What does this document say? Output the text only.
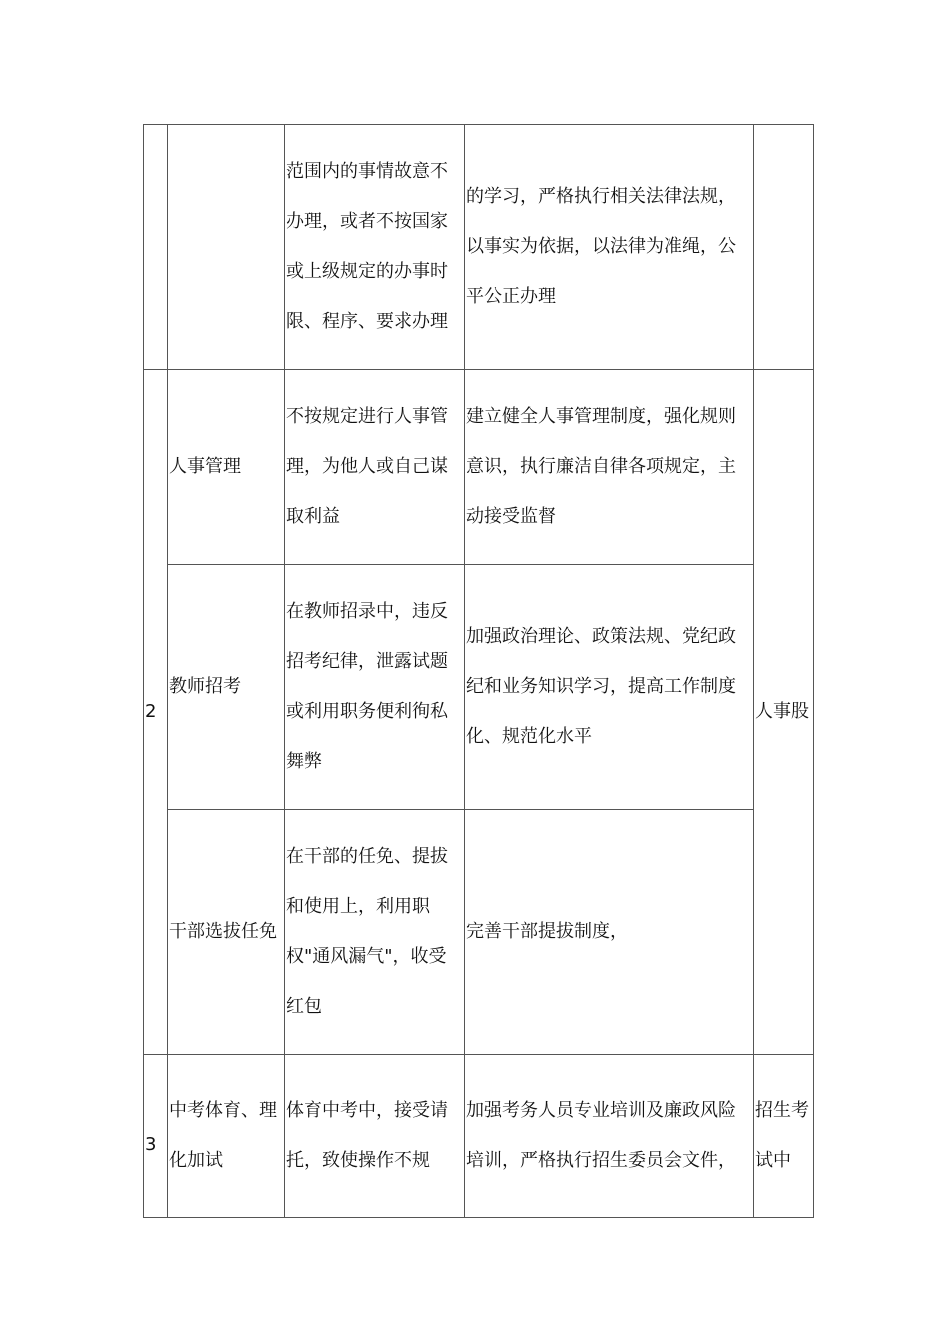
		范围内的事情故意不办理，或者不按国家或上级规定的办事时限、程序、要求办理	的学习，严格执行相关法律法规，以事实为依据，以法律为准绳，公平公正办理	
2	人事管理	不按规定进行人事管理，为他人或自己谋取利益	建立健全人事管理制度，强化规则意识，执行廉洁自律各项规定，主动接受监督	人事股
	教师招考	在教师招录中，违反招考纪律，泄露试题或利用职务便利徇私舞弊	加强政治理论、政策法规、党纪政纪和业务知识学习，提高工作制度化、规范化水平	
	干部选拔任免	在干部的任免、提拔和使用上，利用职权"通风漏气"，收受红包	完善干部提拔制度，	
3	中考体育、理化加试	体育中考中，接受请托，致使操作不规	加强考务人员专业培训及廉政风险培训，严格执行招生委员会文件，	招生考试中
